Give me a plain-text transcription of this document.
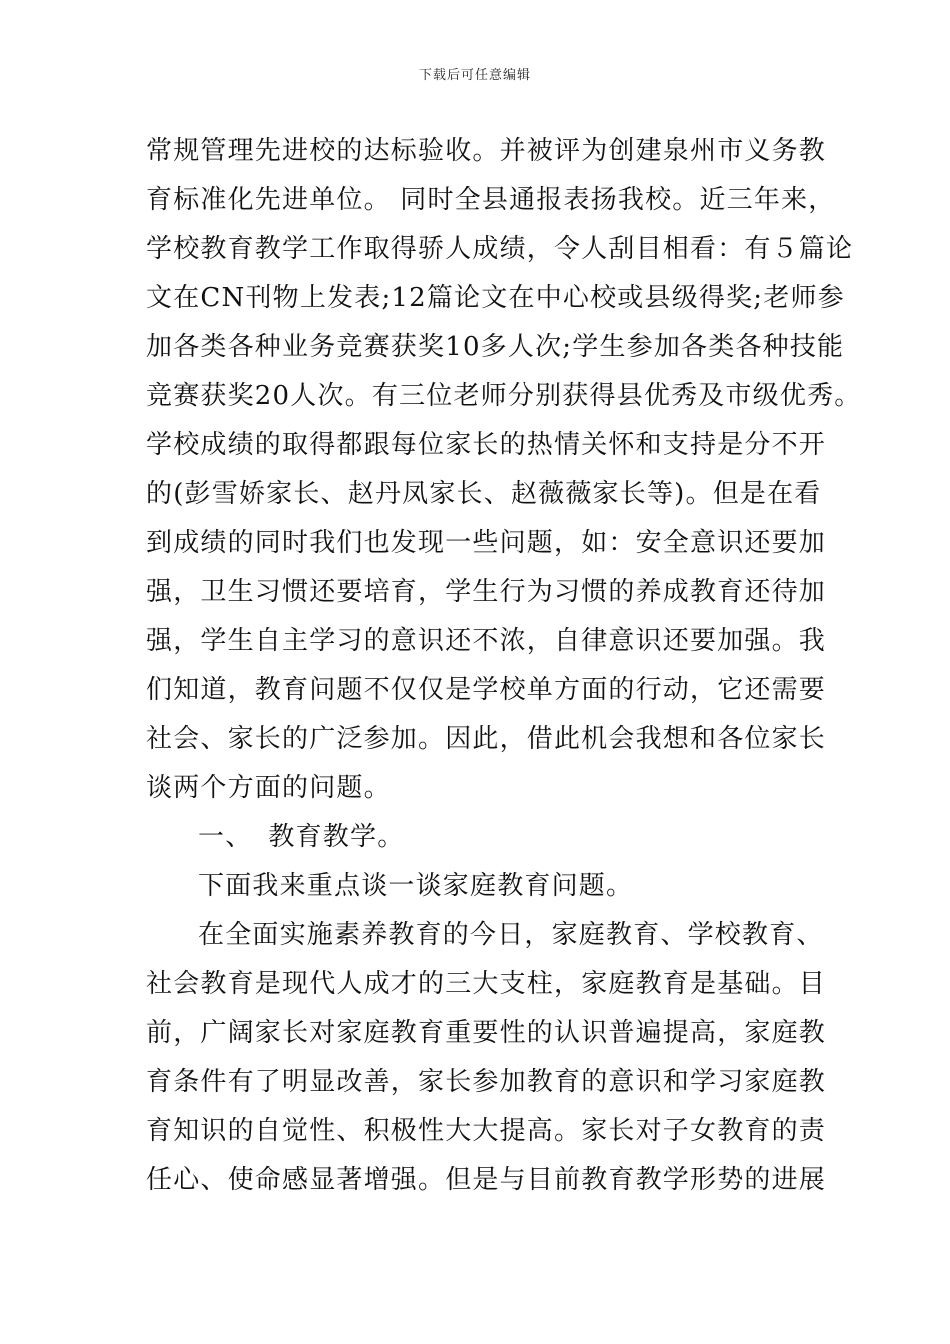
下载后可任意编辑
常规管理先进校的达标验收。并被评为创建泉州市义务教
育标准化先进单位。 同时全县通报表扬我校。近三年来，
学校教育教学工作取得骄人成绩，令人刮目相看：有５篇论
文在CN刊物上发表;12篇论文在中心校或县级得奖;老师参
加各类各种业务竞赛获奖10多人次;学生参加各类各种技能
竞赛获奖20人次。有三位老师分别获得县优秀及市级优秀。
学校成绩的取得都跟每位家长的热情关怀和支持是分不开
的(彭雪娇家长、赵丹凤家长、赵薇薇家长等)。但是在看
到成绩的同时我们也发现一些问题，如：安全意识还要加
强，卫生习惯还要培育，学生行为习惯的养成教育还待加
强，学生自主学习的意识还不浓，自律意识还要加强。我
们知道，教育问题不仅仅是学校单方面的行动，它还需要
社会、家长的广泛参加。因此，借此机会我想和各位家长
谈两个方面的问题。
一、 教育教学。
下面我来重点谈一谈家庭教育问题。
在全面实施素养教育的今日，家庭教育、学校教育、
社会教育是现代人成才的三大支柱，家庭教育是基础。目
前，广阔家长对家庭教育重要性的认识普遍提高，家庭教
育条件有了明显改善，家长参加教育的意识和学习家庭教
育知识的自觉性、积极性大大提高。家长对子女教育的责
任心、使命感显著增强。但是与目前教育教学形势的进展
